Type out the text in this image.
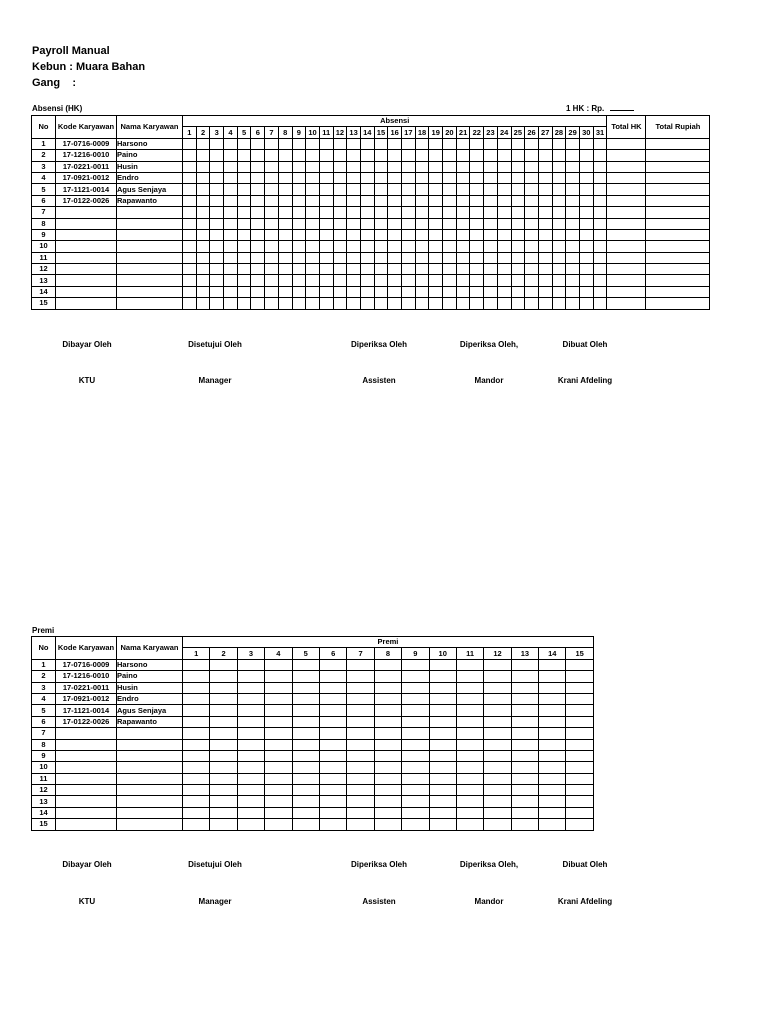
Payroll Manual
Kebun : Muara Bahan
Gang    :
Absensi (HK)	1 HK : Rp.
No	Kode Karyawan	Nama Karyawan	Absensi																															Total HK	Total Rupiah
			1	2	3	4	5	6	7	8	9	10	11	12	13	14	15	16	17	18	19	20	21	22	23	24	25	26	27	28	29	30	31		
1	17-0716-0009	Harsono																																	
2	17-1216-0010	Paino																																	
3	17-0221-0011	Husin																																	
4	17-0921-0012	Endro																																	
5	17-1121-0014	Agus Senjaya																																	
6	17-0122-0026	Rapawanto																																	
7																																			
8																																			
9																																			
10																																			
11																																			
12																																			
13																																			
14																																			
15																																			
Dibayar Oleh	Disetujui Oleh	Diperiksa Oleh	Diperiksa Oleh,	Dibuat Oleh
KTU	Manager	Assisten	Mandor	Krani Afdeling
Premi
No	Kode Karyawan	Nama Karyawan	Premi														
			1	2	3	4	5	6	7	8	9	10	11	12	13	14	15
1	17-0716-0009	Harsono															
2	17-1216-0010	Paino															
3	17-0221-0011	Husin															
4	17-0921-0012	Endro															
5	17-1121-0014	Agus Senjaya															
6	17-0122-0026	Rapawanto															
7																	
8																	
9																	
10																	
11																	
12																	
13																	
14																	
15																	
Dibayar Oleh	Disetujui Oleh	Diperiksa Oleh	Diperiksa Oleh,	Dibuat Oleh
KTU	Manager	Assisten	Mandor	Krani Afdeling
